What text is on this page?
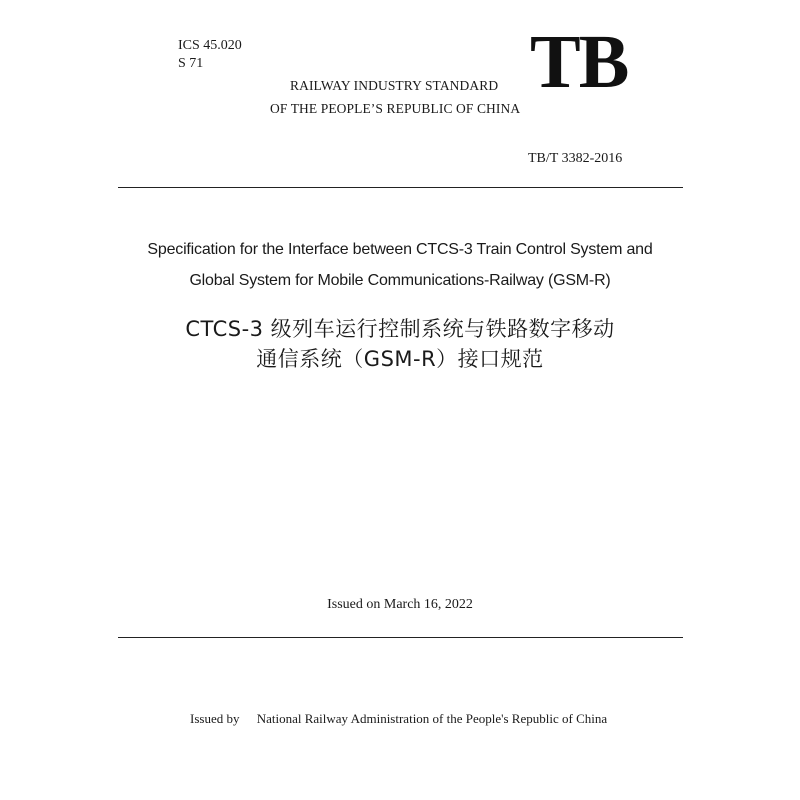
ICS 45.020
S 71	TB
RAILWAY INDUSTRY STANDARD
OF THE PEOPLE’S REPUBLIC OF CHINA
TB/T 3382-2016
Specification for the Interface between CTCS-3 Train Control System and
Global System for Mobile Communications-Railway (GSM-R)
CTCS-3 级列车运行控制系统与铁路数字移动
通信系统（GSM-R）接口规范
Issued on March 16, 2022
Issued by National Railway Administration of the People's Republic of China
